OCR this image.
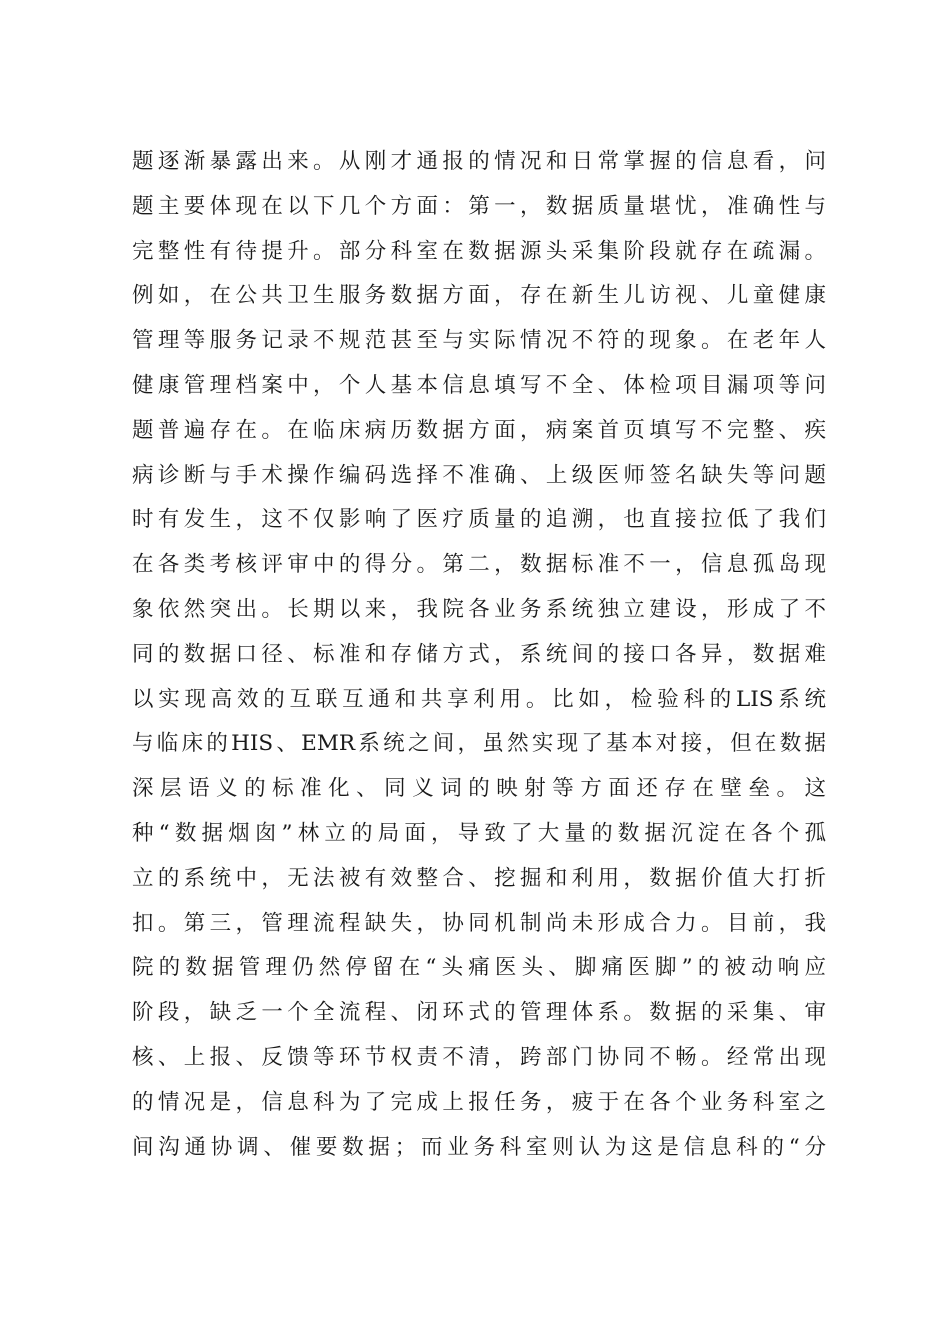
题逐渐暴露出来。从刚才通报的情况和日常掌握的信息看，问
题主要体现在以下几个方面：第一，数据质量堪忧，准确性与
完整性有待提升。部分科室在数据源头采集阶段就存在疏漏。
例如，在公共卫生服务数据方面，存在新生儿访视、儿童健康
管理等服务记录不规范甚至与实际情况不符的现象。在老年人
健康管理档案中，个人基本信息填写不全、体检项目漏项等问
题普遍存在。在临床病历数据方面，病案首页填写不完整、疾
病诊断与手术操作编码选择不准确、上级医师签名缺失等问题
时有发生，这不仅影响了医疗质量的追溯，也直接拉低了我们
在各类考核评审中的得分。第二，数据标准不一，信息孤岛现
象依然突出。长期以来，我院各业务系统独立建设，形成了不
同的数据口径、标准和存储方式，系统间的接口各异，数据难
以实现高效的互联互通和共享利用。比如，检验科的LIS系统
与临床的HIS、EMR系统之间，虽然实现了基本对接，但在数据
深层语义的标准化、同义词的映射等方面还存在壁垒。这
种“数据烟囱”林立的局面，导致了大量的数据沉淀在各个孤
立的系统中，无法被有效整合、挖掘和利用，数据价值大打折
扣。第三，管理流程缺失，协同机制尚未形成合力。目前，我
院的数据管理仍然停留在“头痛医头、脚痛医脚”的被动响应
阶段，缺乏一个全流程、闭环式的管理体系。数据的采集、审
核、上报、反馈等环节权责不清，跨部门协同不畅。经常出现
的情况是，信息科为了完成上报任务，疲于在各个业务科室之
间沟通协调、催要数据；而业务科室则认为这是信息科的“分
